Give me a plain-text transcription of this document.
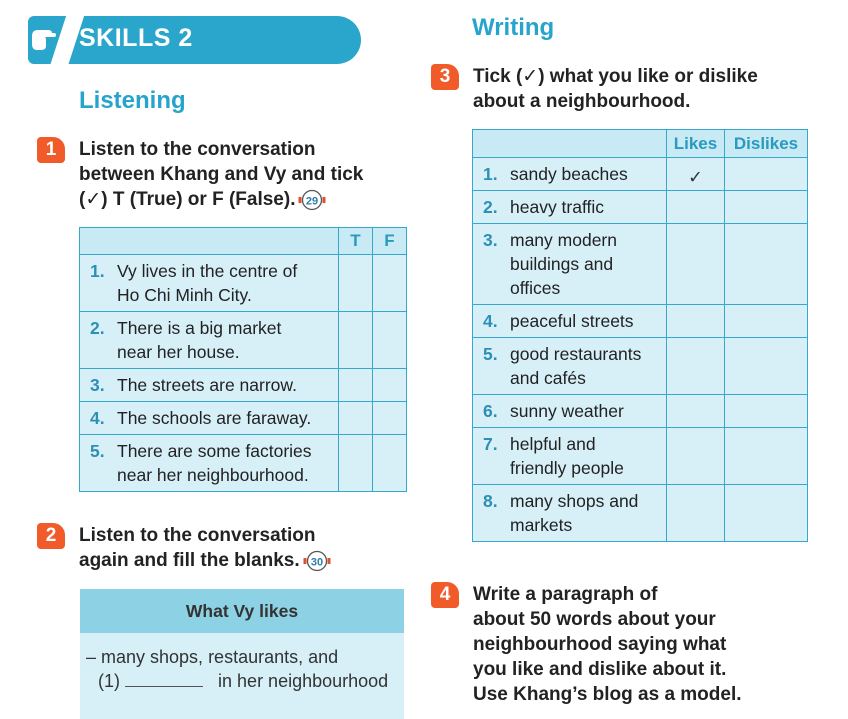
SKILLS 2
Listening
1	Listen to the conversation
between Khang and Vy and tick
(✓) T (True) or F (False). 29
	T	F
1. Vy lives in the centre of
Ho Chi Minh City.		

2. There is a big market
near her house.		

3. The streets are narrow.		
4. The schools are faraway.		
5. There are some factories
near her neighbourhood.		

2	Listen to the conversation
again and fill the blanks. 30
What Vy likes
– many shops, restaurants, and
(1)	in her neighbourhood
Writing
3	Tick (✓) what you like or dislike
about a neighbourhood.
	Likes	Dislikes
1. sandy beaches	✓	
2. heavy traffic		
3. many modern
buildings and
offices		

4. peaceful streets		
5. good restaurants
and cafés		

6. sunny weather		
7. helpful and
friendly people		

8. many shops and
markets		

4	Write a paragraph of
about 50 words about your
neighbourhood saying what
you like and dislike about it.
Use Khang’s blog as a model.
